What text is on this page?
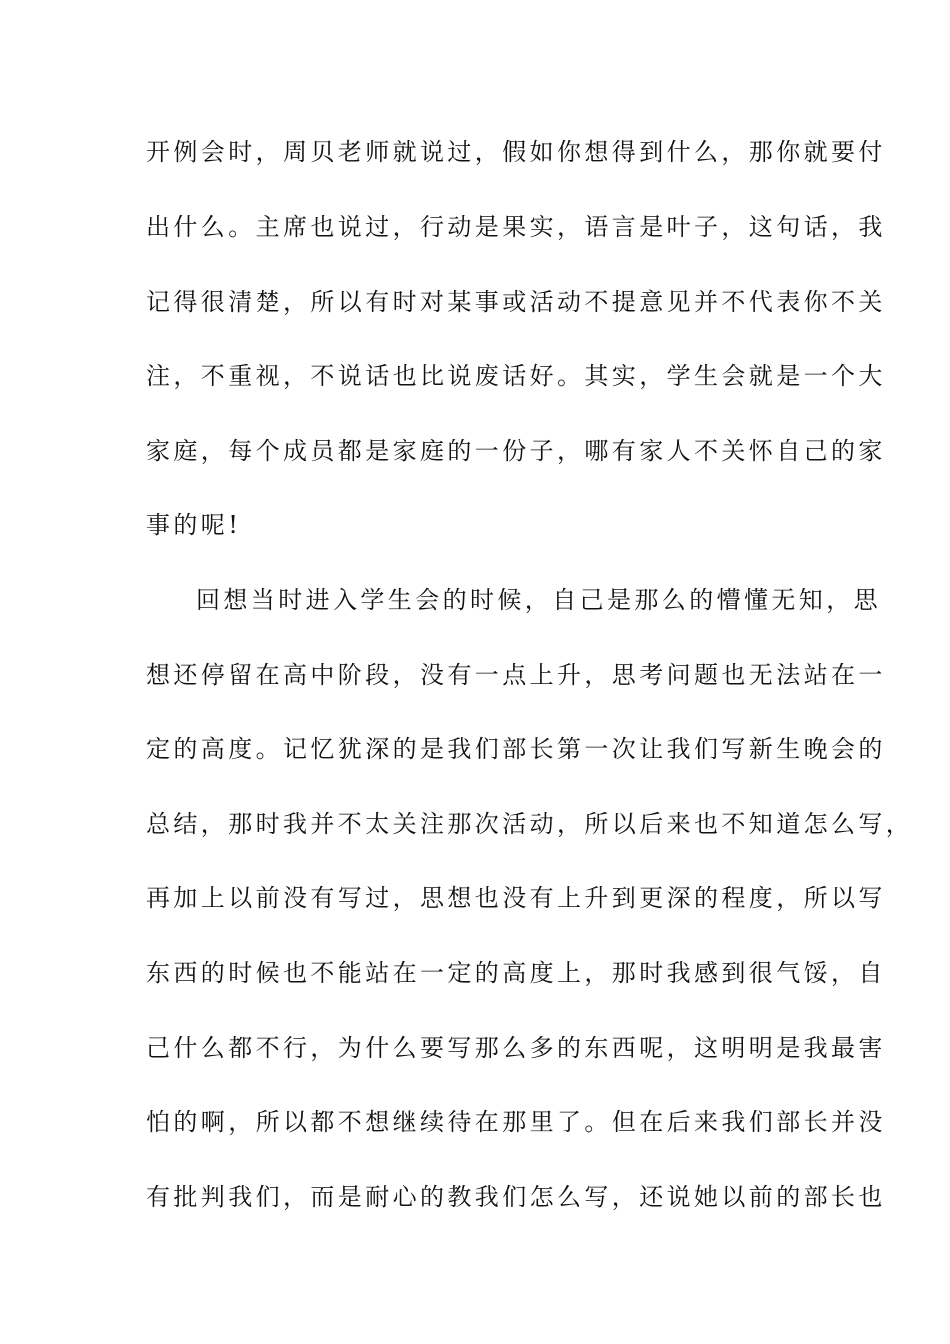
开例会时，周贝老师就说过，假如你想得到什么，那你就要付
出什么。主席也说过，行动是果实，语言是叶子，这句话，我
记得很清楚，所以有时对某事或活动不提意见并不代表你不关
注，不重视，不说话也比说废话好。其实，学生会就是一个大
家庭，每个成员都是家庭的一份子，哪有家人不关怀自己的家
事的呢!
回想当时进入学生会的时候，自己是那么的懵懂无知，思
想还停留在高中阶段，没有一点上升，思考问题也无法站在一
定的高度。记忆犹深的是我们部长第一次让我们写新生晚会的
总结，那时我并不太关注那次活动，所以后来也不知道怎么写，
再加上以前没有写过，思想也没有上升到更深的程度，所以写
东西的时候也不能站在一定的高度上，那时我感到很气馁，自
己什么都不行，为什么要写那么多的东西呢，这明明是我最害
怕的啊，所以都不想继续待在那里了。但在后来我们部长并没
有批判我们，而是耐心的教我们怎么写，还说她以前的部长也
